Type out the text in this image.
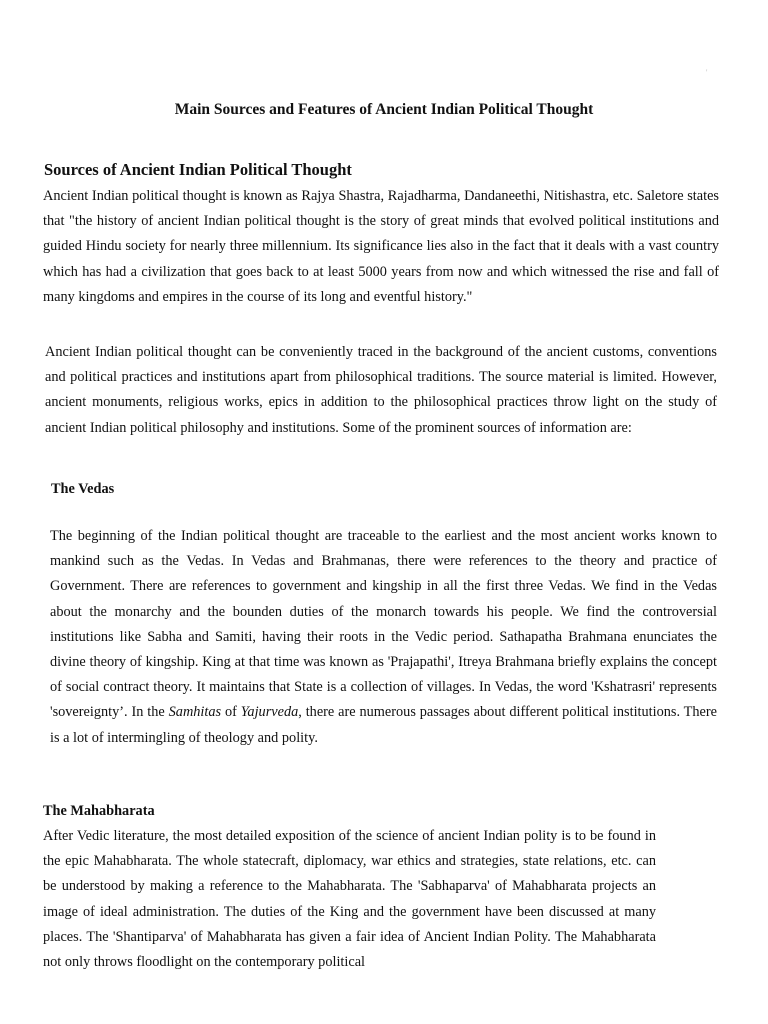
'
Main Sources and Features of Ancient Indian Political Thought
Sources of Ancient Indian Political Thought

Ancient Indian political thought is known as Rajya Shastra, Rajadharma, Dandaneethi, Nitishastra, etc. Saletore states that "the history of ancient Indian political thought is the story of great minds that evolved political institutions and guided Hindu society for nearly three millennium. Its significance lies also in the fact that it deals with a vast country which has had a civilization that goes back to at least 5000 years from now and which witnessed the rise and fall of many kingdoms and empires in the course of its long and eventful history."

Ancient Indian political thought can be conveniently traced in the background of the ancient customs, conventions and political practices and institutions apart from philosophical traditions. The source material is limited. However, ancient monuments, religious works, epics in addition to the philosophical practices throw light on the study of ancient Indian political philosophy and institutions. Some of the prominent sources of information are:

The Vedas

The beginning of the Indian political thought are traceable to the earliest and the most ancient works known to mankind such as the Vedas. In Vedas and Brahmanas, there were references to the theory and practice of Government. There are references to government and kingship in all the first three Vedas. We find in the Vedas about the monarchy and the bounden duties of the monarch towards his people. We find the controversial institutions like Sabha and Samiti, having their roots in the Vedic period. Sathapatha Brahmana enunciates the divine theory of kingship. King at that time was known as 'Prajapathi', Itreya Brahmana briefly explains the concept of social contract theory. It maintains that State is a collection of villages. In Vedas, the word 'Kshatrasri' represents 'sovereignty’. In the Samhitas of Yajurveda, there are numerous passages about different political institutions. There is a lot of intermingling of theology and polity.

The Mahabharata

After Vedic literature, the most detailed exposition of the science of ancient Indian polity is to be found in the epic Mahabharata. The whole statecraft, diplomacy, war ethics and strategies, state relations, etc. can be understood by making a reference to the Mahabharata. The 'Sabhaparva' of Mahabharata projects an image of ideal administration. The duties of the King and the government have been discussed at many places. The 'Shantiparva' of Mahabharata has given a fair idea of Ancient Indian Polity. The Mahabharata not only throws floodlight on the contemporary political
